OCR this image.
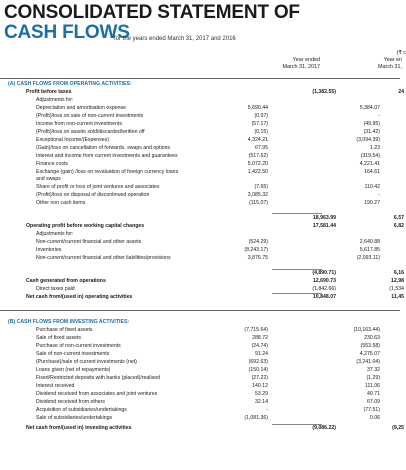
CONSOLIDATED STATEMENT OF
CASH FLOWS
for the years ended March 31, 2017 and 2016
(₹ c
Year ended
March 31, 2017
Year en
March 31,
(A) CASH FLOWS FROM OPERATING ACTIVITIES:
Profit before taxes	(1,382.55)	24
Adjustments for:
Depreciation and amortisation expense	5,690.44	5,384.07
(Profit)/loss on sale of non-current investments	(0.97)	-
Income from non-current investments	(57.17)	(49.95)
(Profit)/loss on assets sold/discarded/written off	(0.15)	(31.42)
Exceptional Income/(Expenses)	4,324.21	(3,094.39)
(Gain)/loss on cancellation of forwards, swaps and options	67.95	1.23
Interest and income from current investments and guarantees	(517.62)	(319.54)
Finance costs	5,072.20	4,221.41
Exchange (gain) /loss on revaluation of foreign currency loans	1,422.50	164.61
and swaps
Share of profit or loss of joint ventures and associates	(7.65)	110.42
(Profit)/loss on disposal of discontinued operation	3,085.32	-
Other non cash items	(115.07)	190.27
18,963.99	6,57
Operating profit before working capital changes	17,581.44	6,82
Adjustments for:
Non-current/current financial and other assets	(524.29)	2,640.88
Inventories	(8,243.17)	5,617.85
Non-current/current financial and other liabilities/provisions	3,876.75	(2,093.11)
(4,890.71)	6,16
Cash generated from operations	12,690.73	12,98
Direct taxes paid	(1,842.66)	(1,534
Net cash from/(used in) operating activities	10,848.07	11,45
(B) CASH FLOWS FROM INVESTING ACTIVITIES:
Purchase of fixed assets	(7,715.64)	(10,163.44)
Sale of fixed assets	288.72	230.63
Purchase of non-current investments	(24.74)	(553.58)
Sale of non-current investments	91.24	4,275.07
(Purchase)/sale of current investments (net)	(692.63)	(3,241.04)
Loans given (net of repayments)	(150.14)	37.32
Fixed/Restricted deposits with banks (placed)/realised	(27.22)	(1.29)
Interest received	140.12	111.06
Dividend received from associates and joint ventures	53.29	40.71
Dividend received from others	32.14	67.09
Acquisition of subsidiaries/undertakings	-	(77.51)
Sale of subsidiaries/undertakings	(1,081.36)	0.06
Net cash from/(used in) investing activities	(9,086.22)	(9,25
